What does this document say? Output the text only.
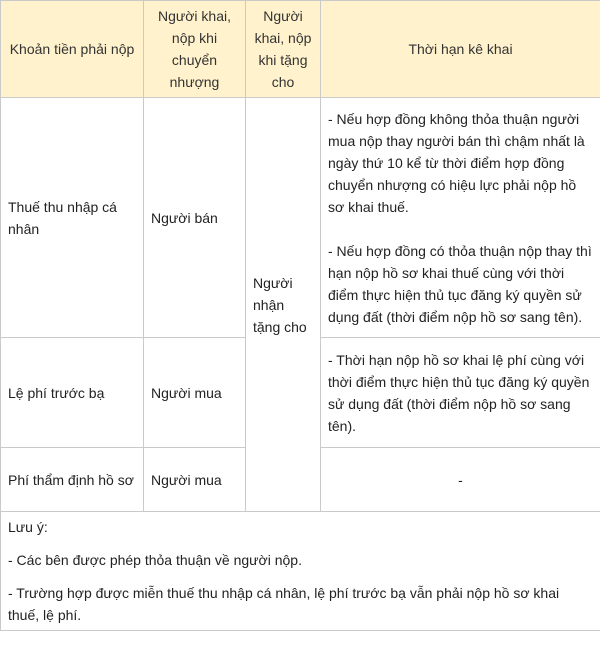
Khoản tiền phải nộp	Người khai, nộp khi chuyển nhượng	Người khai, nộp khi tặng cho	Thời hạn kê khai
Thuế thu nhập cá nhân	Người bán	Người nhận tặng cho	- Nếu hợp đồng không thỏa thuận người mua nộp thay người bán thì chậm nhất là ngày thứ 10 kể từ thời điểm hợp đồng chuyển nhượng có hiệu lực phải nộp hồ sơ khai thuế.

- Nếu hợp đồng có thỏa thuận nộp thay thì hạn nộp hồ sơ khai thuế cùng với thời điểm thực hiện thủ tục đăng ký quyền sử dụng đất (thời điểm nộp hồ sơ sang tên).

Lệ phí trước bạ	Người mua		- Thời hạn nộp hồ sơ khai lệ phí cùng với thời điểm thực hiện thủ tục đăng ký quyền sử dụng đất (thời điểm nộp hồ sơ sang tên).

Phí thẩm định hồ sơ	Người mua		-

Lưu ý:

- Các bên được phép thỏa thuận về người nộp.

- Trường hợp được miễn thuế thu nhập cá nhân, lệ phí trước bạ vẫn phải nộp hồ sơ khai thuế, lệ phí.			
